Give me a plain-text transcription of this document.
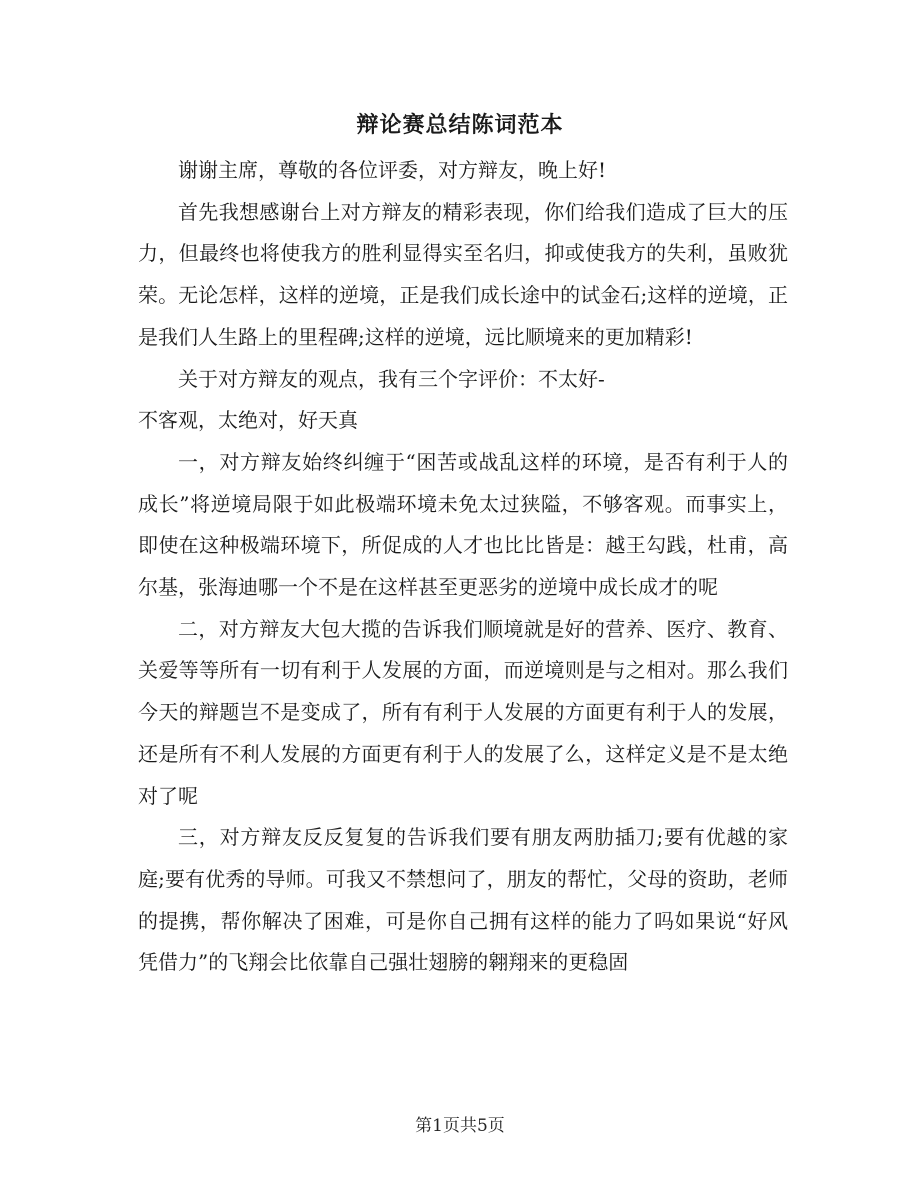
辩论赛总结陈词范本

谢谢主席，尊敬的各位评委，对方辩友，晚上好!

首先我想感谢台上对方辩友的精彩表现，你们给我们造成了巨大的压力，但最终也将使我方的胜利显得实至名归，抑或使我方的失利，虽败犹荣。无论怎样，这样的逆境，正是我们成长途中的试金石;这样的逆境，正是我们人生路上的里程碑;这样的逆境，远比顺境来的更加精彩!

关于对方辩友的观点，我有三个字评价：不太好-

不客观，太绝对，好天真

一，对方辩友始终纠缠于“困苦或战乱这样的环境，是否有利于人的成长”将逆境局限于如此极端环境未免太过狭隘，不够客观。而事实上，即使在这种极端环境下，所促成的人才也比比皆是：越王勾践，杜甫，高尔基，张海迪哪一个不是在这样甚至更恶劣的逆境中成长成才的呢

二，对方辩友大包大揽的告诉我们顺境就是好的营养、医疗、教育、关爱等等所有一切有利于人发展的方面，而逆境则是与之相对。那么我们今天的辩题岂不是变成了，所有有利于人发展的方面更有利于人的发展，还是所有不利人发展的方面更有利于人的发展了么，这样定义是不是太绝对了呢

三，对方辩友反反复复的告诉我们要有朋友两肋插刀;要有优越的家庭;要有优秀的导师。可我又不禁想问了，朋友的帮忙，父母的资助，老师的提携，帮你解决了困难，可是你自己拥有这样的能力了吗如果说“好风凭借力”的飞翔会比依靠自己强壮翅膀的翱翔来的更稳固

第1页共5页
